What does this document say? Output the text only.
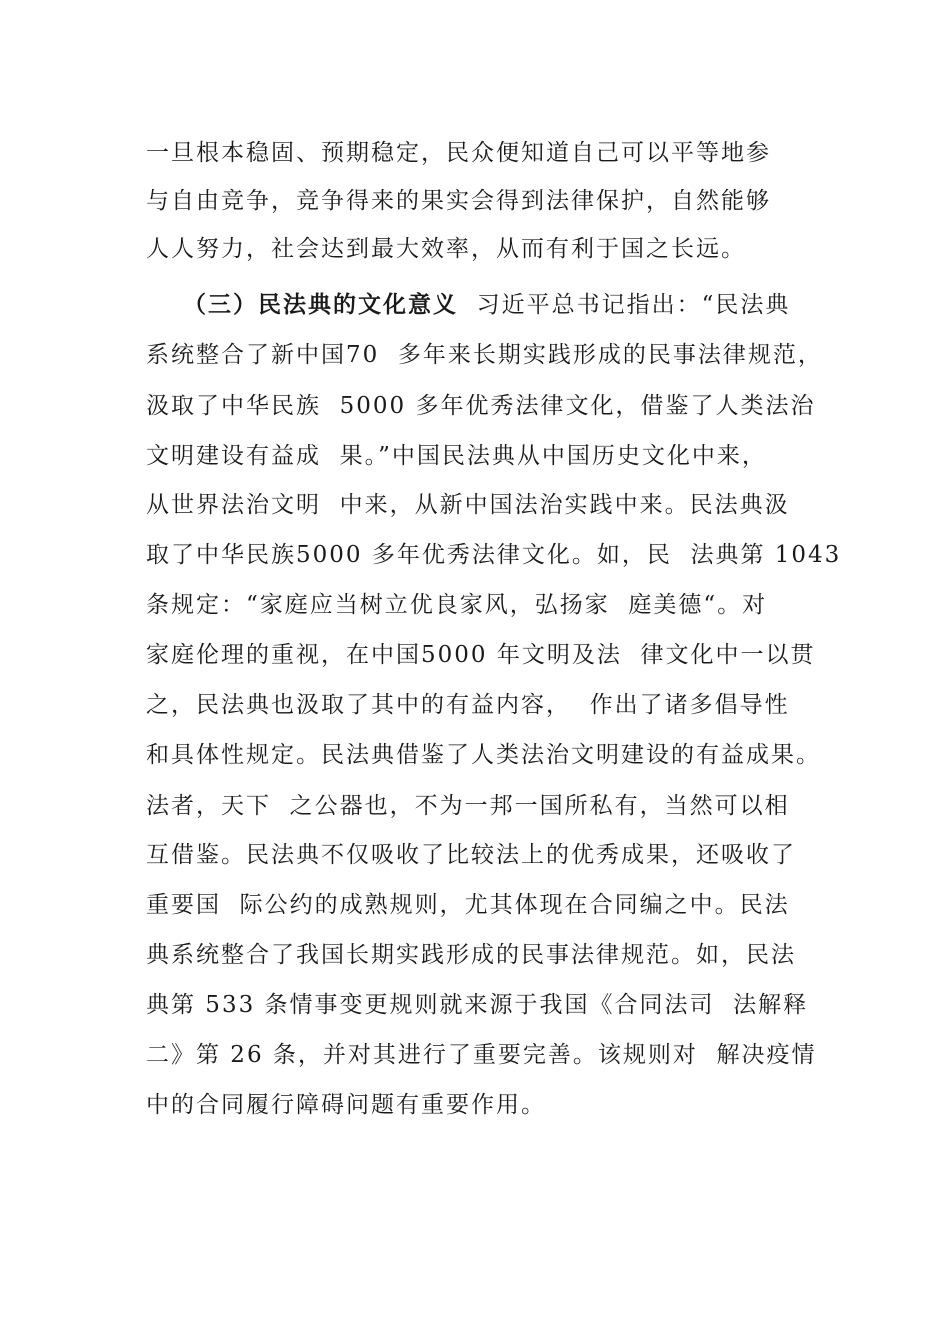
一旦根本稳固、预期稳定，民众便知道自己可以平等地参
与自由竞争，竞争得来的果实会得到法律保护，自然能够
人人努力，社会达到最大效率，从而有利于国之长远。
（三）民法典的文化意义  习近平总书记指出：“民法典
系统整合了新中国70  多年来长期实践形成的民事法律规范，
汲取了中华民族  5000 多年优秀法律文化，借鉴了人类法治
文明建设有益成  果。”中国民法典从中国历史文化中来，
从世界法治文明  中来，从新中国法治实践中来。民法典汲
取了中华民族5000 多年优秀法律文化。如，民  法典第 1043
条规定：“家庭应当树立优良家风，弘扬家  庭美德“。对
家庭伦理的重视，在中国5000 年文明及法  律文化中一以贯
之，民法典也汲取了其中的有益内容，  作出了诸多倡导性
和具体性规定。民法典借鉴了人类法治文明建设的有益成果。
法者，天下  之公器也，不为一邦一国所私有，当然可以相
互借鉴。民法典不仅吸收了比较法上的优秀成果，还吸收了
重要国  际公约的成熟规则，尤其体现在合同编之中。民法
典系统整合了我国长期实践形成的民事法律规范。如，民法
典第 533 条情事变更规则就来源于我国《合同法司  法解释
二》第 26 条，并对其进行了重要完善。该规则对  解决疫情
中的合同履行障碍问题有重要作用。
